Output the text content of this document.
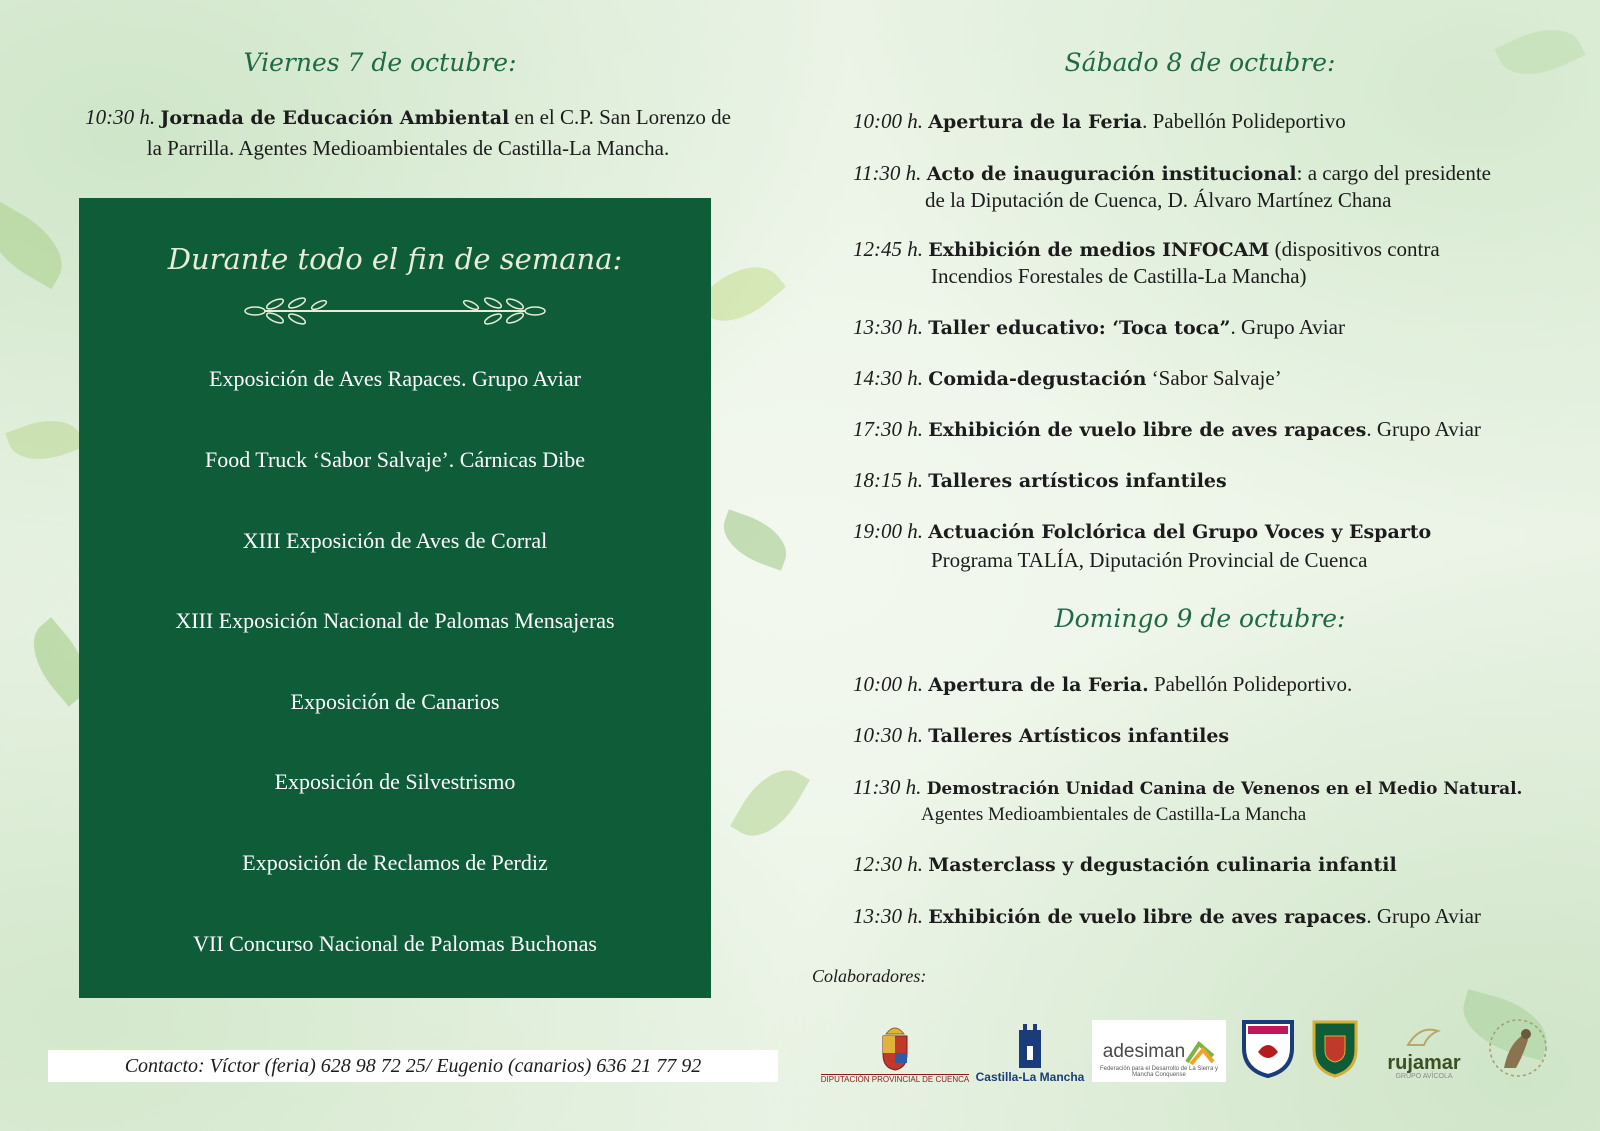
Viernes 7 de octubre:
10:30 h. Jornada de Educación Ambiental en el C.P. San Lorenzo de
la Parrilla. Agentes Medioambientales de Castilla-La Mancha.
Durante todo el fin de semana:
Exposición de Aves Rapaces. Grupo Aviar
Food Truck ‘Sabor Salvaje’. Cárnicas Dibe
XIII Exposición de Aves de Corral
XIII Exposición Nacional de Palomas Mensajeras
Exposición de Canarios
Exposición de Silvestrismo
Exposición de Reclamos de Perdiz
VII Concurso Nacional de Palomas Buchonas
Contacto: Víctor (feria) 628 98 72 25/ Eugenio (canarios) 636 21 77 92
Sábado 8 de octubre:
10:00 h. Apertura de la Feria. Pabellón Polideportivo
11:30 h. Acto de inauguración institucional: a cargo del presidente
de la Diputación de Cuenca, D. Álvaro Martínez Chana
12:45 h. Exhibición de medios INFOCAM (dispositivos contra
Incendios Forestales de Castilla-La Mancha)
13:30 h. Taller educativo: ‘Toca toca”. Grupo Aviar
14:30 h. Comida-degustación ‘Sabor Salvaje’
17:30 h. Exhibición de vuelo libre de aves rapaces. Grupo Aviar
18:15 h. Talleres artísticos infantiles
19:00 h. Actuación Folclórica del Grupo Voces y Esparto
Programa TALÍA, Diputación Provincial de Cuenca
Domingo 9 de octubre:
10:00 h. Apertura de la Feria. Pabellón Polideportivo.
10:30 h. Talleres Artísticos infantiles
11:30 h. Demostración Unidad Canina de Venenos en el Medio Natural.
Agentes Medioambientales de Castilla-La Mancha
12:30 h. Masterclass y degustación culinaria infantil
13:30 h. Exhibición de vuelo libre de aves rapaces. Grupo Aviar
Colaboradores:
DIPUTACIÓN PROVINCIAL DE CUENCA Castilla-La Mancha
adesiman
Federación para el Desarrollo de La Sierra y Mancha Conquense
rujamar
GRUPO AVÍCOLA
